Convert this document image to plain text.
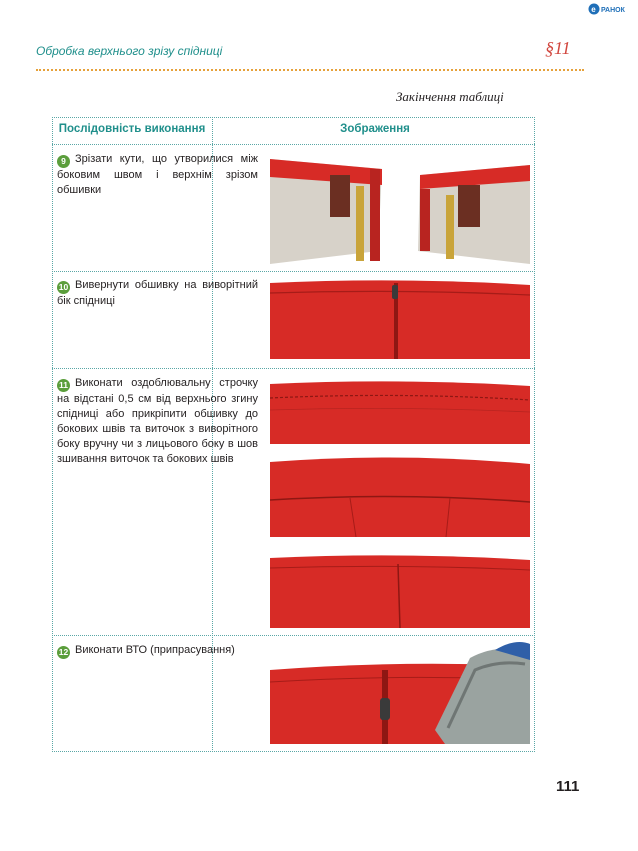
e РАНОК
Обробка верхнього зрізу спідниці	§11
Закінчення таблиці
Послідовність виконання	Зображення
9 Зрізати кути, що утворилися між боковим швом і верхнім зрізом обшивки
10 Вивернути обшивку на виворітний бік спідниці
11 Виконати оздоблювальну строчку на відстані 0,5 см від верхнього згину спідниці або прикріпити обшивку до бокових швів та виточок з виворітного боку вручну чи з лицьового боку в шов зшивання виточок та бокових швів
12 Виконати ВТО (припрасування)
111
